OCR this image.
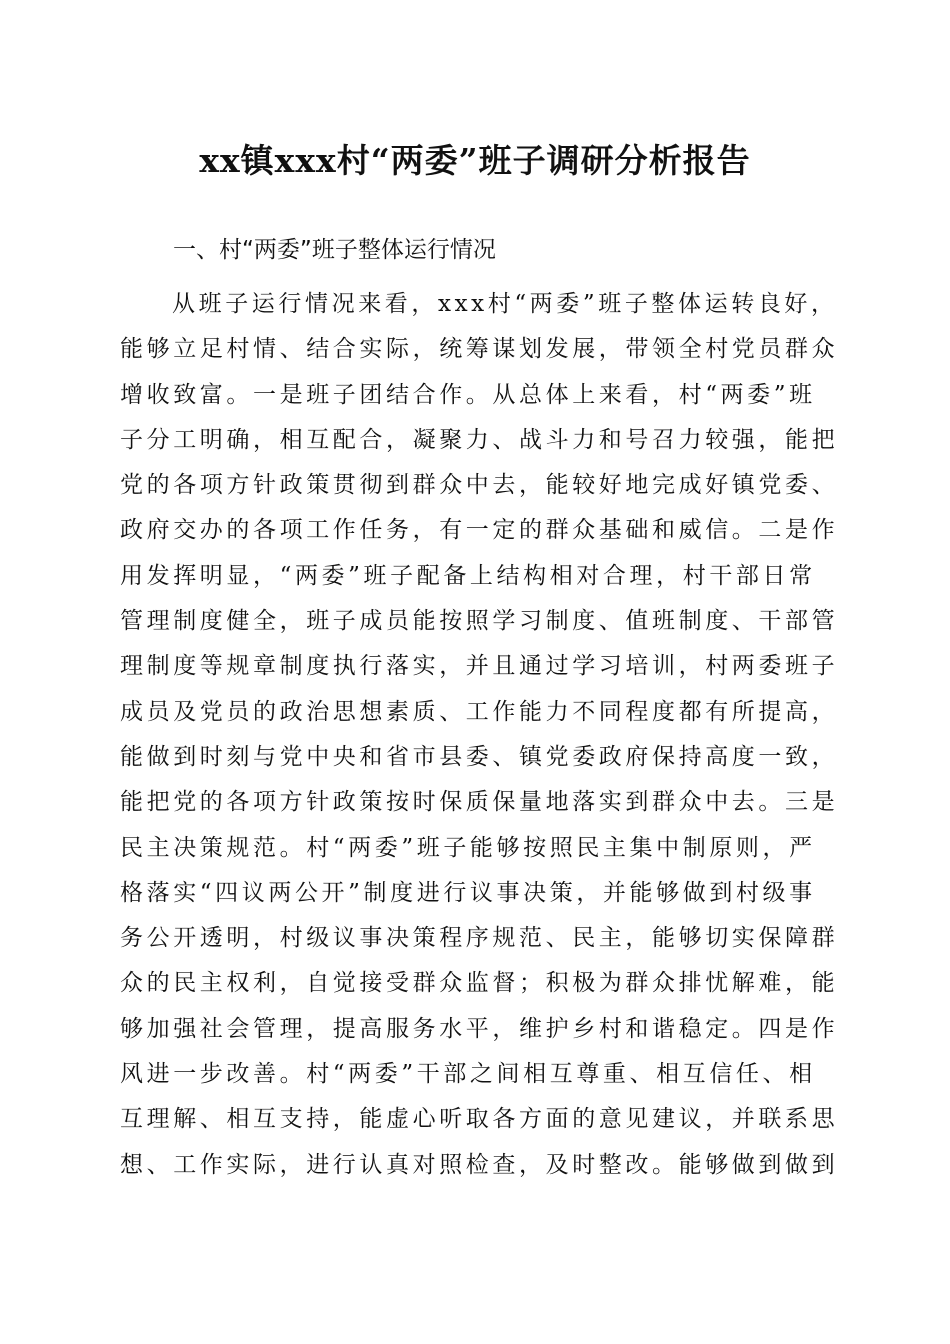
xx镇xxx村“两委”班子调研分析报告
一、村“两委”班子整体运行情况
从班子运行情况来看，xxx村“两委”班子整体运转良好，
能够立足村情、结合实际，统筹谋划发展，带领全村党员群众
增收致富。一是班子团结合作。从总体上来看，村“两委”班
子分工明确，相互配合，凝聚力、战斗力和号召力较强，能把
党的各项方针政策贯彻到群众中去，能较好地完成好镇党委、
政府交办的各项工作任务，有一定的群众基础和威信。二是作
用发挥明显，“两委”班子配备上结构相对合理，村干部日常
管理制度健全，班子成员能按照学习制度、值班制度、干部管
理制度等规章制度执行落实，并且通过学习培训，村两委班子
成员及党员的政治思想素质、工作能力不同程度都有所提高，
能做到时刻与党中央和省市县委、镇党委政府保持高度一致，
能把党的各项方针政策按时保质保量地落实到群众中去。三是
民主决策规范。村“两委”班子能够按照民主集中制原则，严
格落实“四议两公开”制度进行议事决策，并能够做到村级事
务公开透明，村级议事决策程序规范、民主，能够切实保障群
众的民主权利，自觉接受群众监督；积极为群众排忧解难，能
够加强社会管理，提高服务水平，维护乡村和谐稳定。四是作
风进一步改善。村“两委”干部之间相互尊重、相互信任、相
互理解、相互支持，能虚心听取各方面的意见建议，并联系思
想、工作实际，进行认真对照检查，及时整改。能够做到做到
